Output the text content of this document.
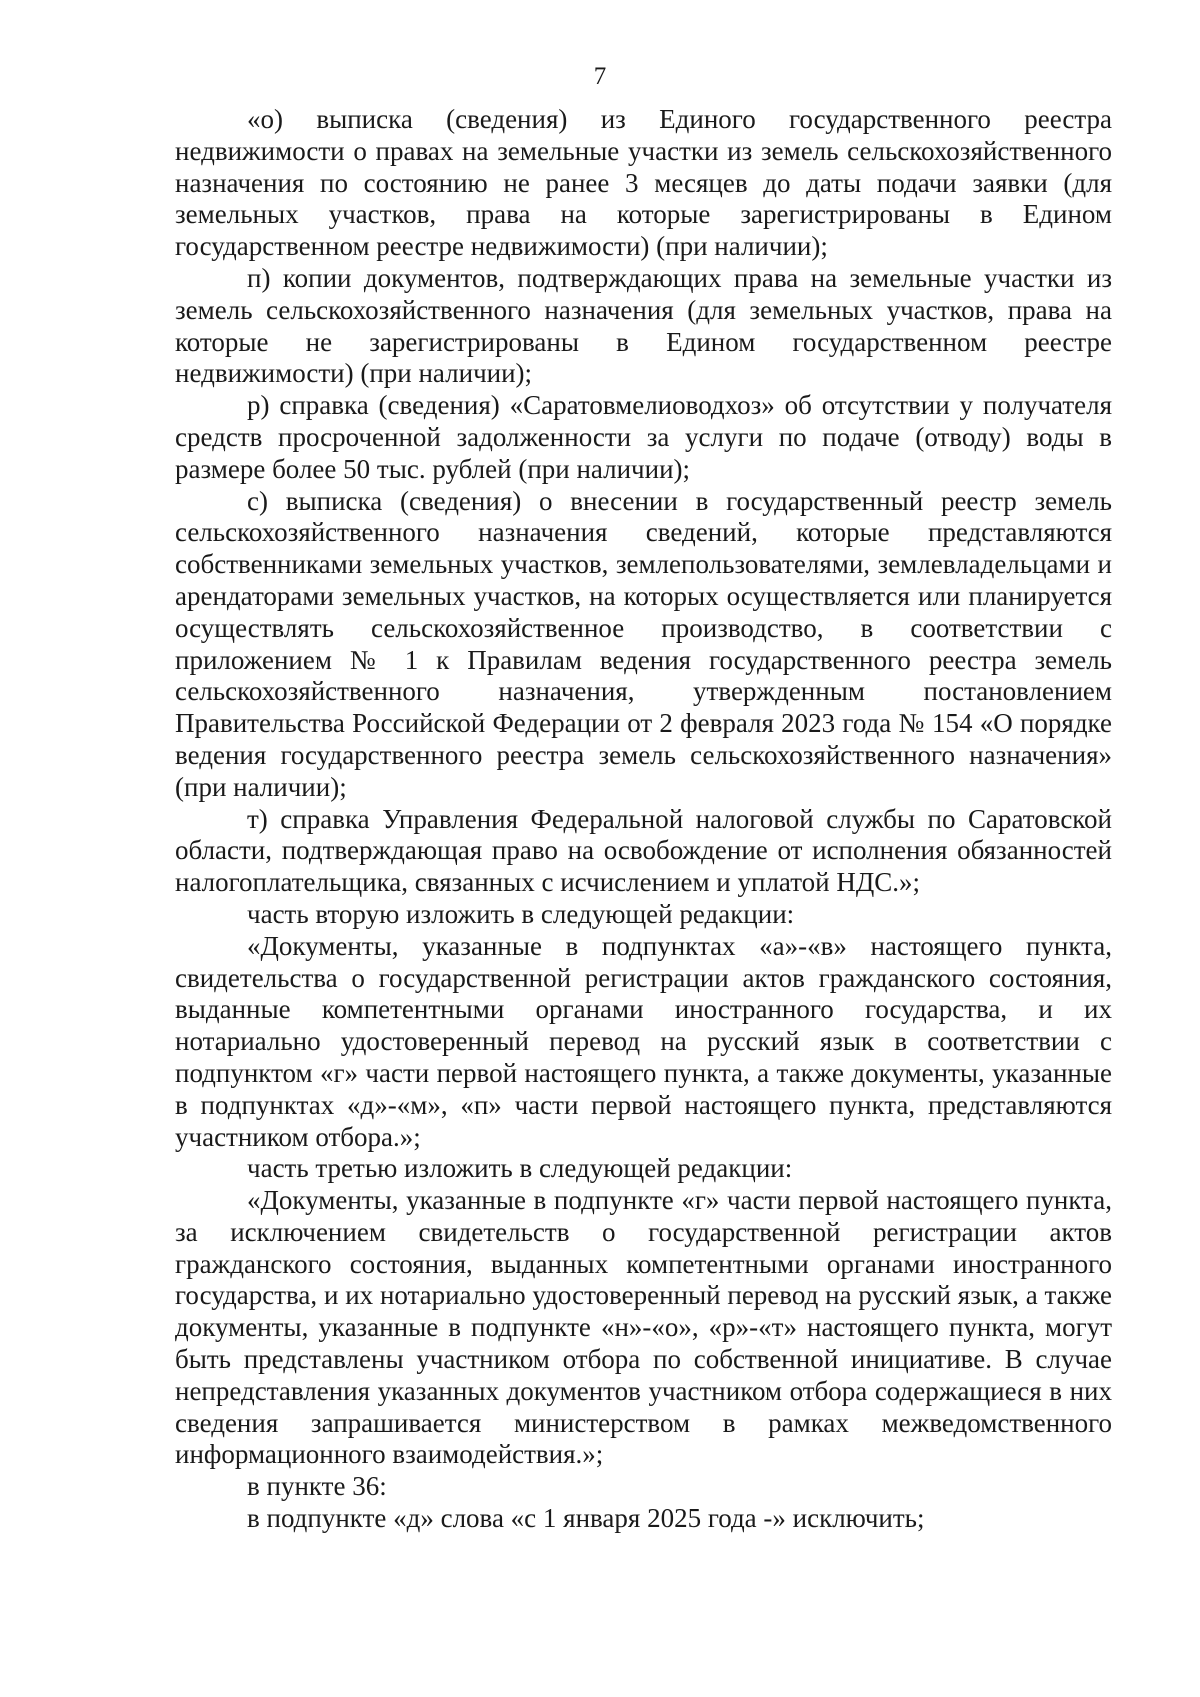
7

«о) выписка (сведения) из Единого государственного реестра недвижимости о правах на земельные участки из земель сельскохозяйственного назначения по состоянию не ранее 3 месяцев до даты подачи заявки (для земельных участков, права на которые зарегистрированы в Едином государственном реестре недвижимости) (при наличии);

п) копии документов, подтверждающих права на земельные участки из земель сельскохозяйственного назначения (для земельных участков, права на которые не зарегистрированы в Едином государственном реестре недвижимости) (при наличии);

р) справка (сведения) «Саратовмелиоводхоз» об отсутствии у получателя средств просроченной задолженности за услуги по подаче (отводу) воды в размере более 50 тыс. рублей (при наличии);

с) выписка (сведения) о внесении в государственный реестр земель сельскохозяйственного назначения сведений, которые представляются собственниками земельных участков, землепользователями, землевладельцами и арендаторами земельных участков, на которых осуществляется или планируется осуществлять сельскохозяйственное производство, в соответствии с приложением № 1 к Правилам ведения государственного реестра земель сельскохозяйственного назначения, утвержденным постановлением Правительства Российской Федерации от 2 февраля 2023 года № 154 «О порядке ведения государственного реестра земель сельскохозяйственного назначения» (при наличии);

т) справка Управления Федеральной налоговой службы по Саратовской области, подтверждающая право на освобождение от исполнения обязанностей налогоплательщика, связанных с исчислением и уплатой НДС.»;

часть вторую изложить в следующей редакции:

«Документы, указанные в подпунктах «а»-«в» настоящего пункта, свидетельства о государственной регистрации актов гражданского состояния, выданные компетентными органами иностранного государства, и их нотариально удостоверенный перевод на русский язык в соответствии с подпунктом «г» части первой настоящего пункта, а также документы, указанные в подпунктах «д»-«м», «п» части первой настоящего пункта, представляются участником отбора.»;

часть третью изложить в следующей редакции:

«Документы, указанные в подпункте «г» части первой настоящего пункта, за исключением свидетельств о государственной регистрации актов гражданского состояния, выданных компетентными органами иностранного государства, и их нотариально удостоверенный перевод на русский язык, а также документы, указанные в подпункте «н»-«о», «р»-«т» настоящего пункта, могут быть представлены участником отбора по собственной инициативе. В случае непредставления указанных документов участником отбора содержащиеся в них сведения запрашивается министерством в рамках межведомственного информационного взаимодействия.»;

в пункте 36:

в подпункте «д» слова «с 1 января 2025 года -» исключить;
